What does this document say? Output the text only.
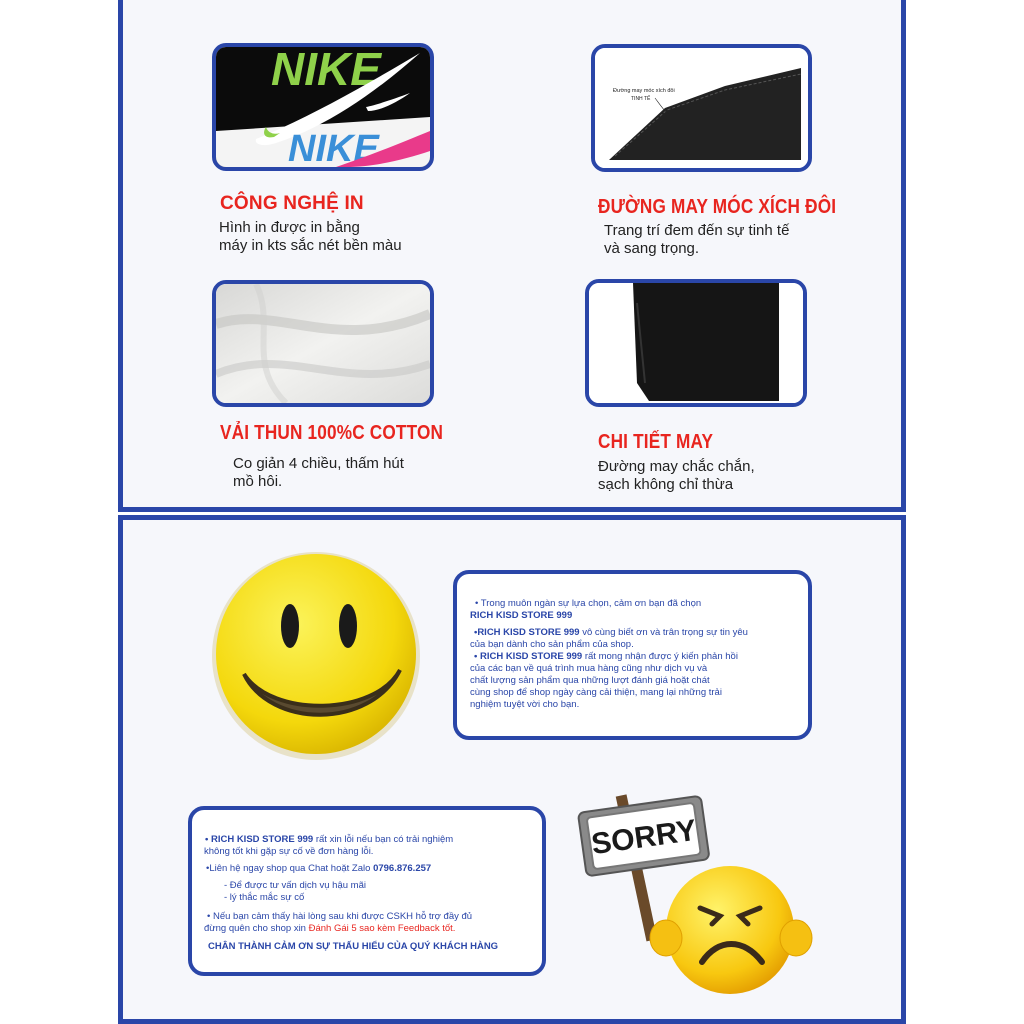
NIKE
NIKE
CÔNG NGHỆ IN
Hình in được in bằng
máy in kts sắc nét bền màu
Đường may móc xích đôi
TINH TẾ
ĐƯỜNG MAY MÓC XÍCH ĐÔI
Trang trí đem đến sự tinh tế
và sang trọng.
VẢI THUN 100%C COTTON
Co giản 4 chiều, thấm hút
mồ hôi.
CHI TIẾT MAY
Đường may chắc chắn,
sạch không chỉ thừa
• Trong muôn ngàn sự lựa chọn, cảm ơn bạn đã chọn
RICH KISD STORE 999
•RICH KISD STORE 999 vô cùng biết ơn và trân trọng sự tin yêu
của bạn dành cho sản phẩm của shop.
• RICH KISD STORE 999 rất mong nhận được ý kiến phản hồi
của các bạn về quá trình mua hàng cũng như dịch vụ và
chất lượng sản phẩm qua những lượt đánh giá hoặt chát
cùng shop để shop ngày càng cải thiện, mang lại những trải
nghiệm tuyệt vời cho bạn.
• RICH KISD STORE 999 rất xin lỗi nếu bạn có trải nghiệm
không tốt khi gặp sự cố về đơn hàng lỗi.
•Liên hệ ngay shop qua Chat hoặt Zalo 0796.876.257
- Để được tư vấn dịch vụ hậu mãi
- lý thắc mắc sự cố
• Nếu bạn cảm thấy hài lòng sau khi được CSKH hỗ trợ đầy đủ
đừng quên cho shop xin Đánh Gái 5 sao kèm Feedback tốt.
CHÂN THÀNH CẢM ƠN SỰ THẤU HIỂU CỦA QUÝ KHÁCH HÀNG
SORRY
